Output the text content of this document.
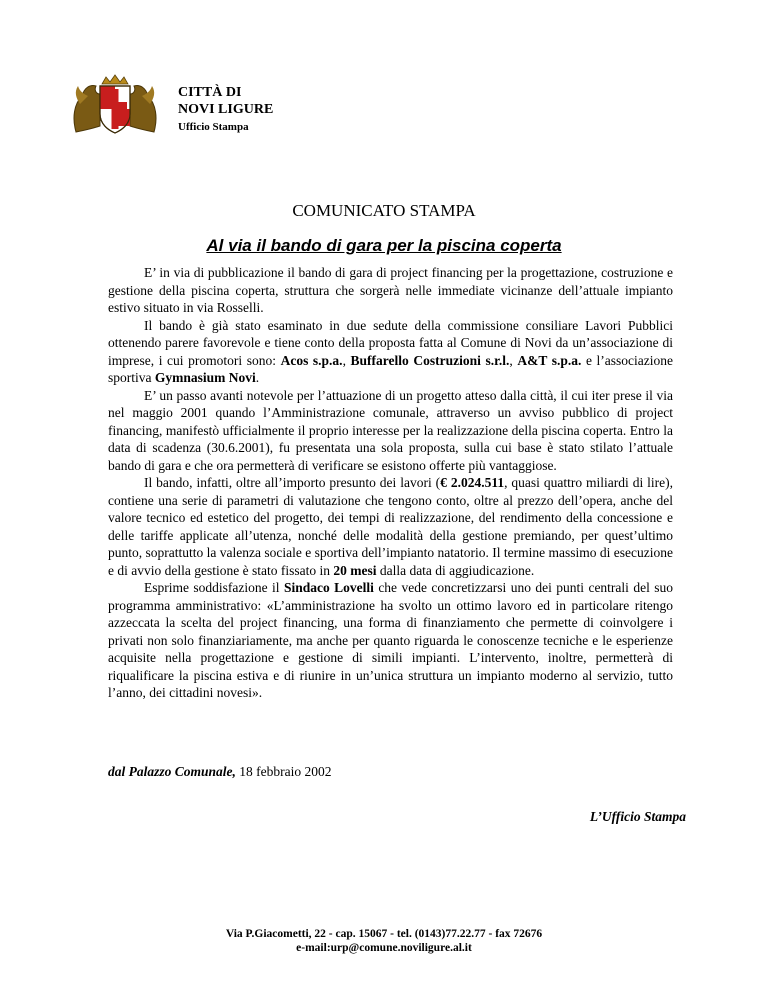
CITTÀ DI
NOVI LIGURE
Ufficio Stampa
COMUNICATO STAMPA
Al via il bando di gara per la piscina coperta

E’ in via di pubblicazione il bando di gara di project financing per la progettazione, costruzione e gestione della piscina coperta, struttura che sorgerà nelle immediate vicinanze dell’attuale impianto estivo situato in via Rosselli.

Il bando è già stato esaminato in due sedute della commissione consiliare Lavori Pubblici ottenendo parere favorevole e tiene conto della proposta fatta al Comune di Novi da un’associazione di imprese, i cui promotori sono: Acos s.p.a., Buffarello Costruzioni s.r.l., A&T s.p.a. e l’associazione sportiva Gymnasium Novi.

E’ un passo avanti notevole per l’attuazione di un progetto atteso dalla città, il cui iter prese il via nel maggio 2001 quando l’Amministrazione comunale, attraverso un avviso pubblico di project financing, manifestò ufficialmente il proprio interesse per la realizzazione della piscina coperta. Entro la data di scadenza (30.6.2001), fu presentata una sola proposta, sulla cui base è stato stilato l’attuale bando di gara e che ora permetterà di verificare se esistono offerte più vantaggiose.

Il bando, infatti, oltre all’importo presunto dei lavori (€ 2.024.511, quasi quattro miliardi di lire), contiene una serie di parametri di valutazione che tengono conto, oltre al prezzo dell’opera, anche del valore tecnico ed estetico del progetto, dei tempi di realizzazione, del rendimento della concessione e delle tariffe applicate all’utenza, nonché delle modalità della gestione premiando, per quest’ultimo punto, soprattutto la valenza sociale e sportiva dell’impianto natatorio. Il termine massimo di esecuzione e di avvio della gestione è stato fissato in 20 mesi dalla data di aggiudicazione.

Esprime soddisfazione il Sindaco Lovelli che vede concretizzarsi uno dei punti centrali del suo programma amministrativo: «L’amministrazione ha svolto un ottimo lavoro ed in particolare ritengo azzeccata la scelta del project financing, una forma di finanziamento che permette di coinvolgere i privati non solo finanziariamente, ma anche per quanto riguarda le conoscenze tecniche e le esperienze acquisite nella progettazione e gestione di simili impianti. L’intervento, inoltre, permetterà di riqualificare la piscina estiva e di riunire in un’unica struttura un impianto moderno al servizio, tutto l’anno, dei cittadini novesi».

dal Palazzo Comunale, 18 febbraio 2002
L’Ufficio Stampa
Via P.Giacometti, 22 - cap. 15067 - tel. (0143)77.22.77 - fax 72676
e-mail:urp@comune.noviligure.al.it
